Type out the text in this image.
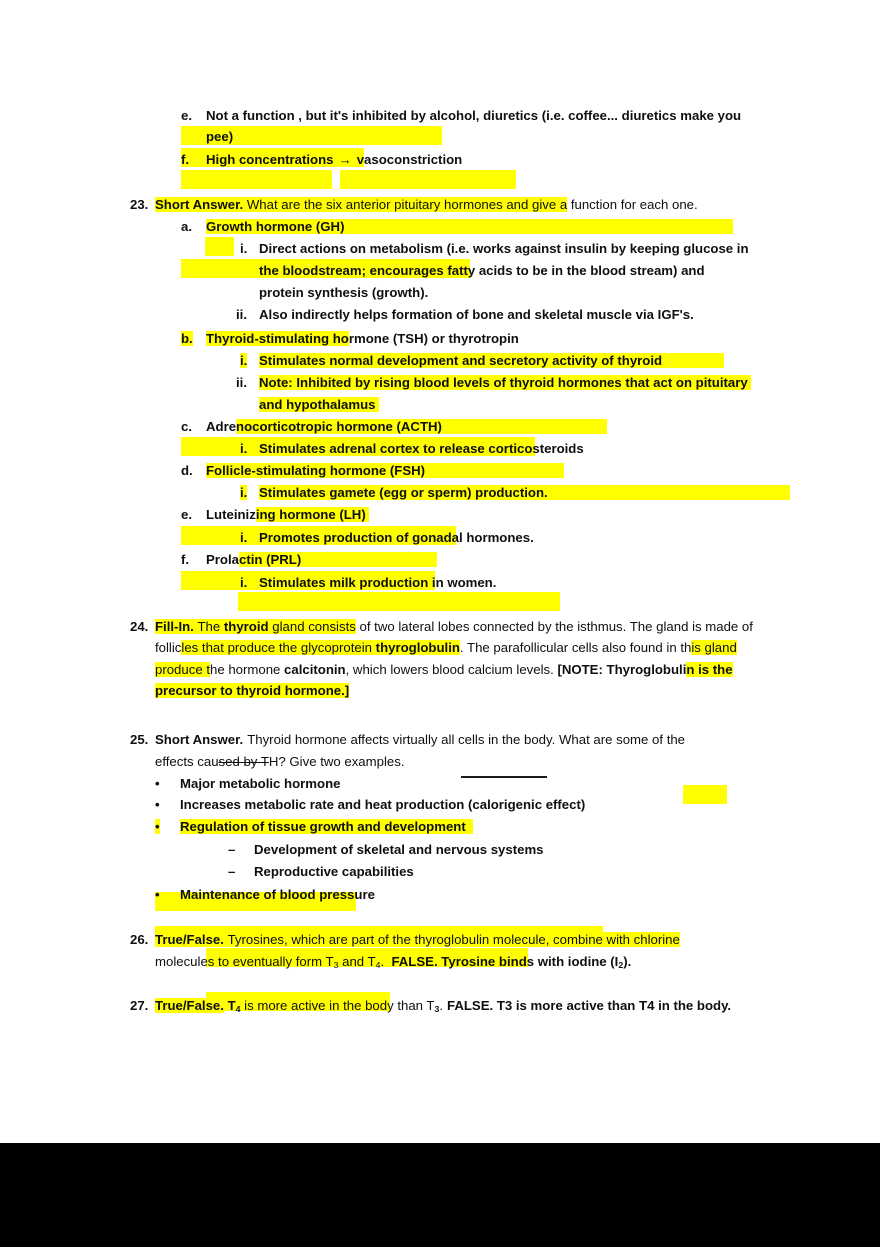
e. Not a function , but it's inhibited by alcohol, diuretics (i.e. coffee... diuretics make you
pee)
f. High concentrations → vasoconstriction
23. Short Answer. What are the six anterior pituitary hormones and give a function for each one.
a. Growth hormone (GH)
i. Direct actions on metabolism (i.e. works against insulin by keeping glucose in
the bloodstream; encourages fatty acids to be in the blood stream) and
protein synthesis (growth).
ii. Also indirectly helps formation of bone and skeletal muscle via IGF's.
b. Thyroid-stimulating hormone (TSH) or thyrotropin
i. Stimulates normal development and secretory activity of thyroid
ii. Note: Inhibited by rising blood levels of thyroid hormones that act on pituitary
and hypothalamus
c. Adrenocorticotropic hormone (ACTH)
i. Stimulates adrenal cortex to release corticosteroids
d. Follicle-stimulating hormone (FSH)
i. Stimulates gamete (egg or sperm) production.
e. Luteinizing hormone (LH)
i. Promotes production of gonadal hormones.
f. Prolactin (PRL)
i. Stimulates milk production in women.
24. Fill-In. The thyroid gland consists of two lateral lobes connected by the isthmus. The gland is made of follicles that produce the glycoprotein thyroglobulin. The parafollicular cells also found in this gland produce the hormone calcitonin, which lowers blood calcium levels. [NOTE: Thyroglobulin is the precursor to thyroid hormone.]
25. Short Answer. Thyroid hormone affects virtually all cells in the body. What are some of the
effects caused by TH? Give two examples.
• Major metabolic hormone
• Increases metabolic rate and heat production (calorigenic effect)
• Regulation of tissue growth and development
– Development of skeletal and nervous systems
– Reproductive capabilities
• Maintenance of blood pressure
26. True/False. Tyrosines, which are part of the thyroglobulin molecule, combine with chlorine
molecules to eventually form $T_3$ and $T_4$. FALSE. Tyrosine binds with iodine $(I_2)$.
27. True/False. $T_4$ is more active in the body than $T_3$. FALSE. T3 is more active than T4 in the body.
